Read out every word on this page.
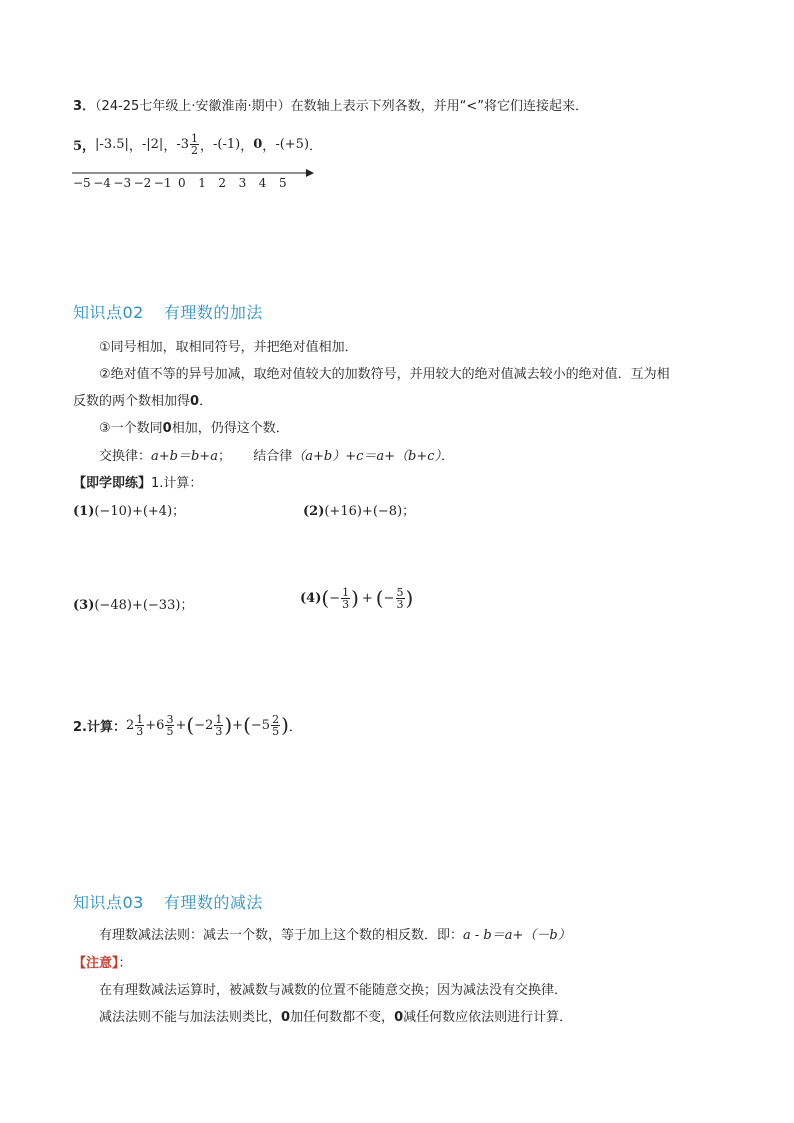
3．（24-25七年级上·安徽淮南·期中）在数轴上表示下列各数，并用“<”将它们连接起来．
5， |-3.5| ， -|2| ， $-3 \frac{1}{2}$ ， -(-1) ， 0 ， -(+5) ．
−5 −4 −3 −2 −1 0 1 2 3 4 5
知识点02 有理数的加法
①同号相加，取相同符号，并把绝对值相加．
②绝对值不等的异号加减，取绝对值较大的加数符号，并用较大的绝对值减去较小的绝对值．互为相
反数的两个数相加得0．
③一个数同0相加，仍得这个数．
交换律：a+b＝b+a； 结合律（a+b）+c＝a+（b+c）．
【即学即练】1.计算：
(1)(−10)+(+4)；	(2)(+16)+(−8)；
(3)(−48)+(−33)；	(4) ( − $\frac{1}{3}$ ) + ( − $\frac{5}{3}$ )
2.计算： $2 \frac{1}{3} + 6 \frac{3}{5}$ + ( − $2 \frac{1}{3}$ ) + ( − $5 \frac{2}{5}$ ) ．
知识点03 有理数的减法
有理数减法法则：减去一个数，等于加上这个数的相反数．即：a - b＝a+（－b）
【注意】：
在有理数减法运算时，被减数与减数的位置不能随意交换；因为减法没有交换律．
减法法则不能与加法法则类比，0加任何数都不变，0减任何数应依法则进行计算．
